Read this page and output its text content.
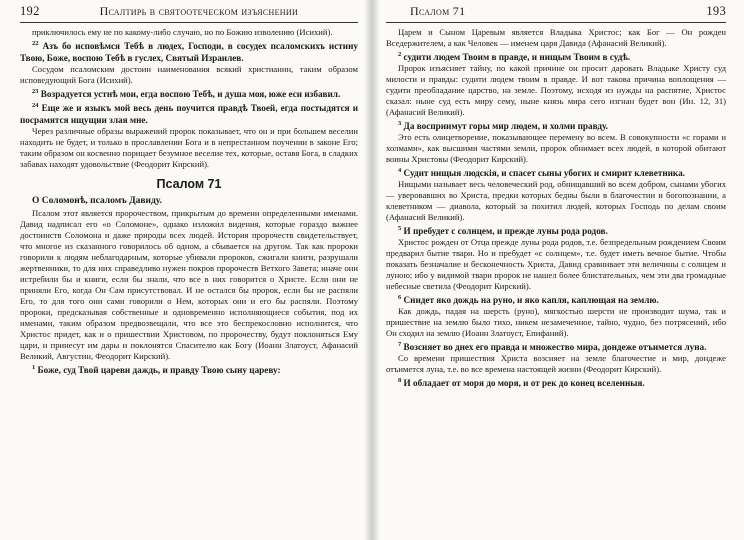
192	Псалтирь в святоотеческом изъяснении

приключилось ему не по какому-либо случаю, но по Божию изволению (Исихий).

$^{22}$ Азъ бо исповѣмся Тебѣ в людех, Господи, в сосудех псаломскихъ истину Твою, Боже, воспою Тебѣ в гуслех, Святый Израилев.

Сосудом псаломским достоин наименования всякий христианин, таким образом исповедующий Бога (Исихий).

$^{23}$ Возрадуется устнѣ мои, егда воспою Тебѣ, и душа моя, юже еси избавил.

$^{24}$ Еще же и языкъ мой весь день поучится правдѣ Твоей, егда постыдятся и посрамятся ищущии злая мне.

Через различные образы выражений пророк показывает, что он и при большем веселии находить не будет, и только в прославлении Бога и в непрестанном поучении в законе Его; таким образом он косвенно порицает безумное веселие тех, которые, оставя Бога, в сладких забавах находят удовольствие (Феодорит Кирский).

Псалом 71

О Соломонѣ, псаломъ Давиду.

Псалом этот является пророчеством, прикрытым до времени определенными именами. Давид надписал его «о Соломоне», однако изложил видения, которые гораздо важнее достоинств Соломона и даже природы всех людей. История пророчеств свидетельствует, что многое из сказанного говорилось об одном, а сбывается на другом. Так как пророки говорили к людям неблагодарным, которые убивали пророков, сжигали книги, разрушали жертвенники, то для них справедливо нужен покров пророчеств Ветхого Завета; иначе они истребили бы и книги, если бы знали, что все в них говорится о Христе. Если они не приняли Его, когда Он Сам присутствовал. И не остался бы пророк, если бы не распяли Его, то для того они сами говорили о Нем, которых они и его бы распяли. Поэтому пророки, предсказывая собственные и одновременно исполняющиеся события, под их именами, таким образом предвозвещали, что все это беспрекословно исполнится, что Христос придет, как и о пришествии Христовом, по пророчеству, будут поклоняться Ему цари, и принесут им дары и поклонятся Спасителю как Богу (Иоанн Златоуст, Афанасий Великий, Августин, Феодорит Кирский).

$^1$ Боже, суд Твой цареви даждь, и правду Твою сыну цареву:

Псалом 71	193

Царем и Сыном Царевым является Владыка Христос; как Бог — Он рожден Вседержителем, а как Человек — именем царя Давида (Афанасий Великий).

$^2$ судити людем Твоим в правде, и нищым Твоим в судѣ.

Пророк изъясняет тайну, по какой причине он просит даровать Владыке Христу суд милости и правды: судити людем твоим в правде. И вот такова причина воплощения — судити преобладание царство, на земле. Поэтому, исходя из нужды на распятие, Христос сказал: ныне суд есть миру сему, ныне князь мира сего изгнан будет вон (Ин. 12, 31) (Афанасий Великий).

$^3$ Да восприимут горы мир людем, и холми правду.

Это есть олицетворение, показывающее перемену во всем. В совокупности «с горами и холмами», как высшими частями земли, пророк обнимает всех людей, в которой обитают воины Христовы (Феодорит Кирский).

$^4$ Судит нищыя людскія, и спасет сыны убогих и смирит клеветника.

Нищыми называет весь человеческий род, обнищавший во всем добром, сынами убогих — уверовавших во Христа, предки которых бедны были в благочестии и богопознании, а клеветником — диавола, который за похитил людей, которых Господь по делам своим (Афанасий Великий).

$^5$ И пребудет с солнцем, и прежде луны рода родов.

Христос рожден от Отца прежде луны рода родов, т.е. безпредельным рождением Своим предварил бытие твари. Но и пребудет «с солнцем», т.е. будет иметь вечное бытие. Чтобы показать безначалие и бесконечность Христа, Давид сравнивает эти величины с солнцем и луною; ибо у видимой твари пророк не нашел более блистательных, чем эти два громадные небесные светила (Феодорит Кирский).

$^6$ Снидет яко дождь на руно, и яко капля, каплющая на землю.

Как дождь, падая на шерсть (руно), мягкостью шерсти не производит шума, так и пришествие на землю было тихо, никем незамеченное, тайно, чудно, без потрясений, ибо Он сходил на землю (Иоанн Златоуст, Епифаний).

$^7$ Возсияет во днех его правда и множество мира, дондеже отъимется луна.

Со времени пришествия Христа возсияет на земле благочестие и мир, дондеже отъимется луна, т.е. во все времена настоящей жизни (Феодорит Кирский).

$^8$ И обладает от моря до моря, и от рек до конец вселенныя.
